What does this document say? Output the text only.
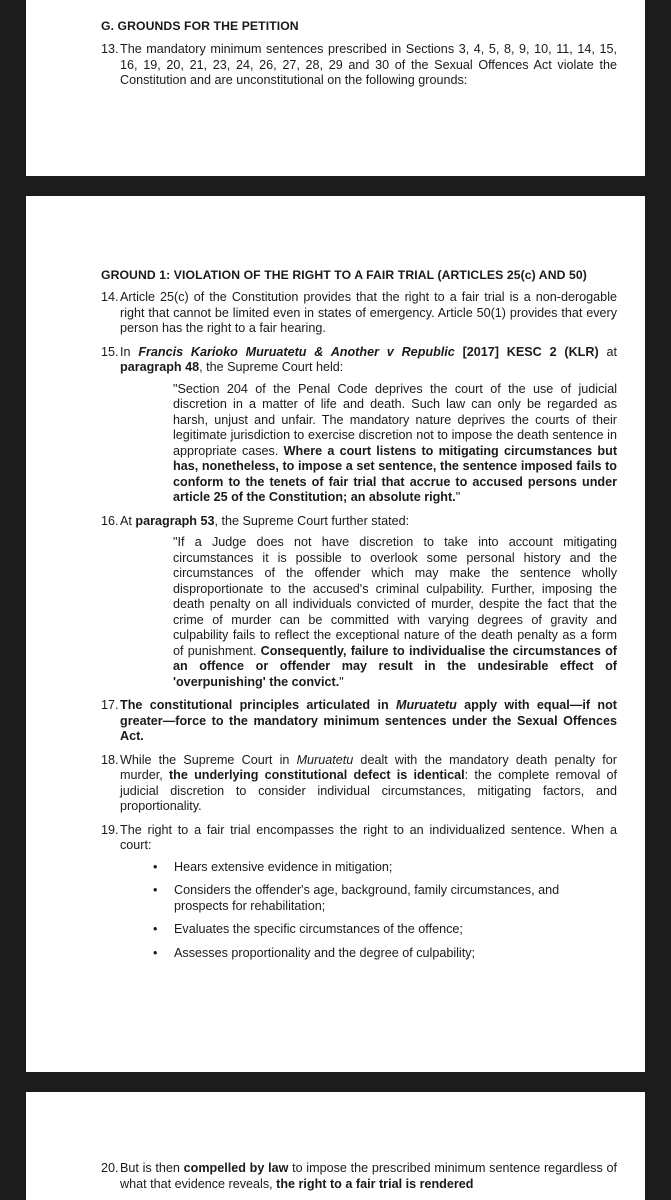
G. GROUNDS FOR THE PETITION
13. The mandatory minimum sentences prescribed in Sections 3, 4, 5, 8, 9, 10, 11, 14, 15, 16, 19, 20, 21, 23, 24, 26, 27, 28, 29 and 30 of the Sexual Offences Act violate the Constitution and are unconstitutional on the following grounds:
GROUND 1: VIOLATION OF THE RIGHT TO A FAIR TRIAL (ARTICLES 25(c) AND 50)
14. Article 25(c) of the Constitution provides that the right to a fair trial is a non-derogable right that cannot be limited even in states of emergency. Article 50(1) provides that every person has the right to a fair hearing.
15. In Francis Karioko Muruatetu & Another v Republic [2017] KESC 2 (KLR) at paragraph 48, the Supreme Court held:
"Section 204 of the Penal Code deprives the court of the use of judicial discretion in a matter of life and death. Such law can only be regarded as harsh, unjust and unfair. The mandatory nature deprives the courts of their legitimate jurisdiction to exercise discretion not to impose the death sentence in appropriate cases. Where a court listens to mitigating circumstances but has, nonetheless, to impose a set sentence, the sentence imposed fails to conform to the tenets of fair trial that accrue to accused persons under article 25 of the Constitution; an absolute right."
16. At paragraph 53, the Supreme Court further stated:
"If a Judge does not have discretion to take into account mitigating circumstances it is possible to overlook some personal history and the circumstances of the offender which may make the sentence wholly disproportionate to the accused's criminal culpability. Further, imposing the death penalty on all individuals convicted of murder, despite the fact that the crime of murder can be committed with varying degrees of gravity and culpability fails to reflect the exceptional nature of the death penalty as a form of punishment. Consequently, failure to individualise the circumstances of an offence or offender may result in the undesirable effect of 'overpunishing' the convict."
17. The constitutional principles articulated in Muruatetu apply with equal—if not greater—force to the mandatory minimum sentences under the Sexual Offences Act.
18. While the Supreme Court in Muruatetu dealt with the mandatory death penalty for murder, the underlying constitutional defect is identical: the complete removal of judicial discretion to consider individual circumstances, mitigating factors, and proportionality.
19. The right to a fair trial encompasses the right to an individualized sentence. When a court:
• Hears extensive evidence in mitigation;
• Considers the offender's age, background, family circumstances, and prospects for rehabilitation;
• Evaluates the specific circumstances of the offence;
• Assesses proportionality and the degree of culpability;
20. But is then compelled by law to impose the prescribed minimum sentence regardless of what that evidence reveals, the right to a fair trial is rendered
